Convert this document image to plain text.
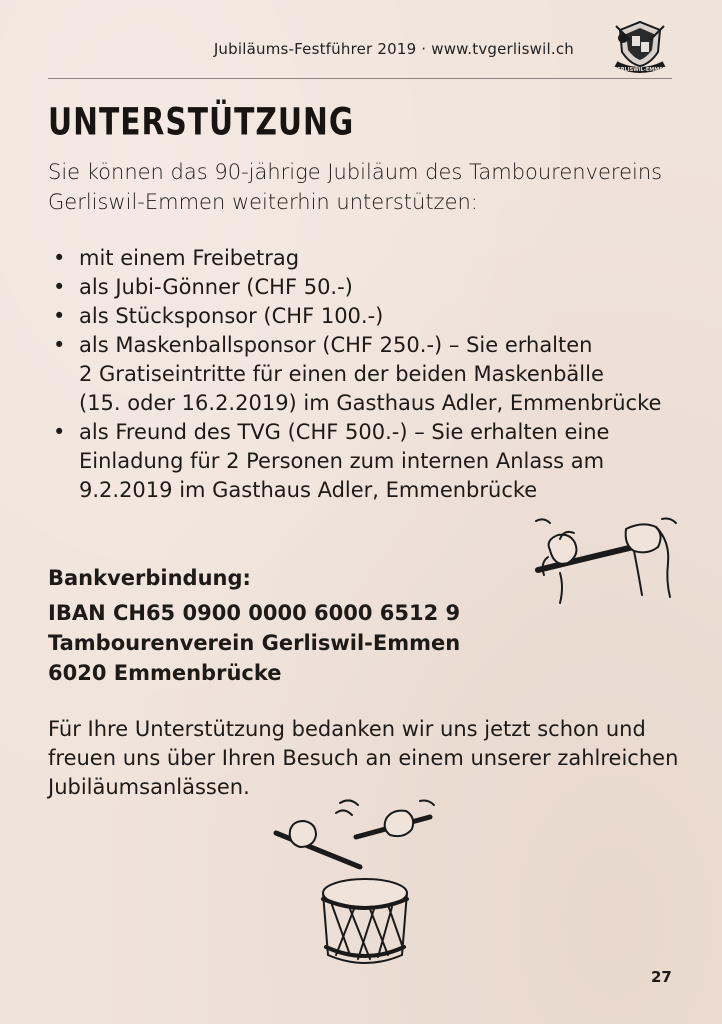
Jubiläums-Festführer 2019 · www.tvgerliswil.ch
GERLISWIL-EMMEN
UNTERSTÜTZUNG

Sie können das 90-jährige Jubiläum des Tambourenvereins Gerliswil-Emmen weiterhin unterstützen:

• mit einem Freibetrag
• als Jubi-Gönner (CHF 50.-)
• als Stücksponsor (CHF 100.-)
• als Maskenballsponsor (CHF 250.-) – Sie erhalten
2 Gratiseintritte für einen der beiden Maskenbälle
(15. oder 16.2.2019) im Gasthaus Adler, Emmenbrücke
• als Freund des TVG (CHF 500.-) – Sie erhalten eine
Einladung für 2 Personen zum internen Anlass am
9.2.2019 im Gasthaus Adler, Emmenbrücke
Bankverbindung:
IBAN CH65 0900 0000 6000 6512 9
Tambourenverein Gerliswil-Emmen
6020 Emmenbrücke

Für Ihre Unterstützung bedanken wir uns jetzt schon und freuen uns über Ihren Besuch an einem unserer zahlreichen Jubiläumsanlässen.

27
